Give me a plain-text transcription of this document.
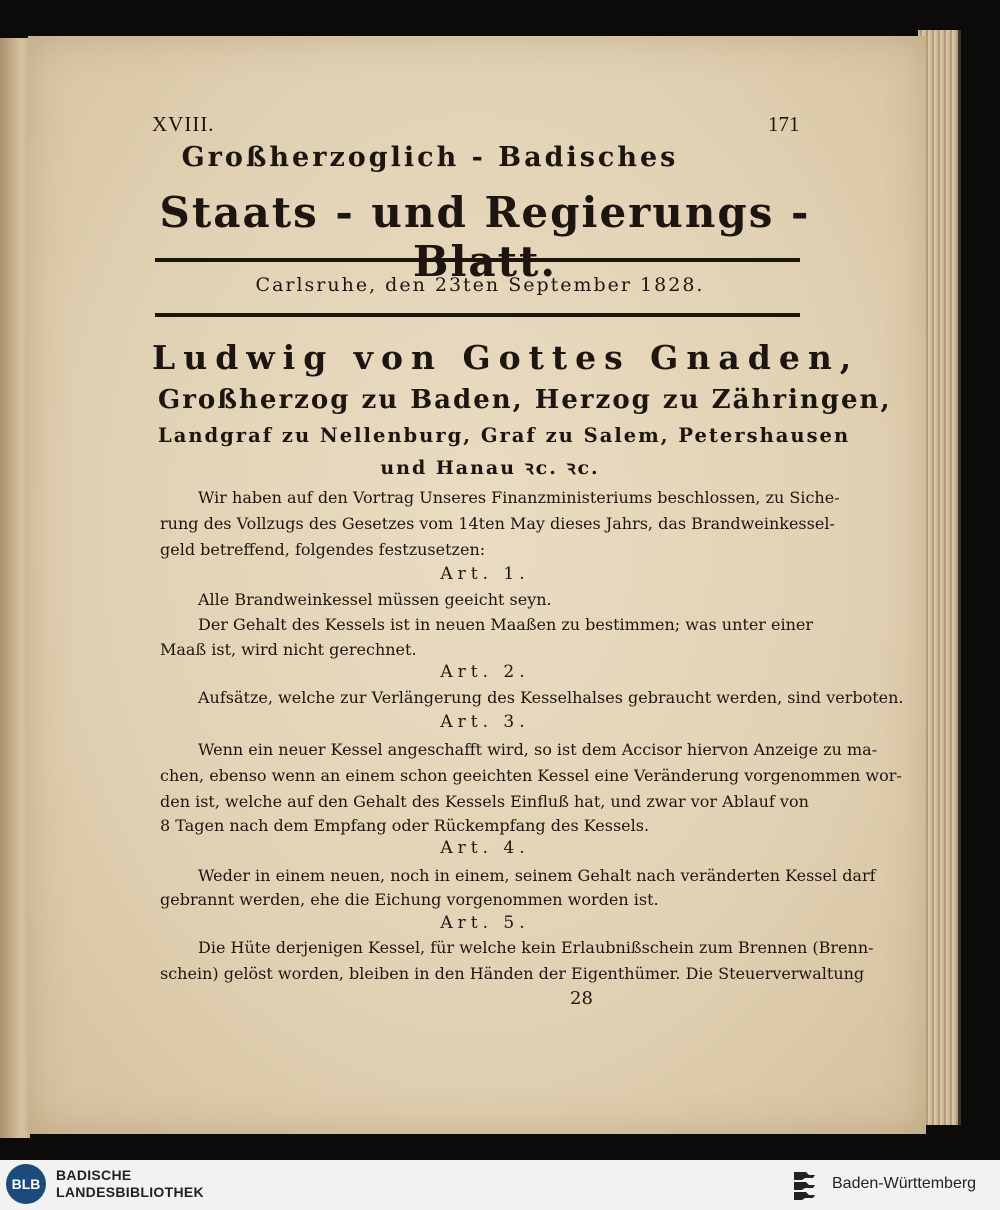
XVIII.	171
Großherzoglich - Badisches
Staats - und Regierungs - Blatt.
Carlsruhe, den 23ten September 1828.
Ludwig von Gottes Gnaden,
Großherzog zu Baden, Herzog zu Zähringen,
Landgraf zu Nellenburg, Graf zu Salem, Petershausen
und Hanau ꝛc. ꝛc.
Wir haben auf den Vortrag Unseres Finanzministeriums beschlossen, zu Siche-
rung des Vollzugs des Gesetzes vom 14ten May dieses Jahrs, das Brandweinkessel-
geld betreffend, folgendes festzusetzen:
Art. 1.
Alle Brandweinkessel müssen geeicht seyn.
Der Gehalt des Kessels ist in neuen Maaßen zu bestimmen; was unter einer
Maaß ist, wird nicht gerechnet.
Art. 2.
Aufsätze, welche zur Verlängerung des Kesselhalses gebraucht werden, sind verboten.
Art. 3.
Wenn ein neuer Kessel angeschafft wird, so ist dem Accisor hiervon Anzeige zu ma-
chen, ebenso wenn an einem schon geeichten Kessel eine Veränderung vorgenommen wor-
den ist, welche auf den Gehalt des Kessels Einfluß hat, und zwar vor Ablauf von
8 Tagen nach dem Empfang oder Rückempfang des Kessels.
Art. 4.
Weder in einem neuen, noch in einem, seinem Gehalt nach veränderten Kessel darf
gebrannt werden, ehe die Eichung vorgenommen worden ist.
Art. 5.
Die Hüte derjenigen Kessel, für welche kein Erlaubnißschein zum Brennen (Brenn-
schein) gelöst worden, bleiben in den Händen der Eigenthümer. Die Steuerverwaltung
28
BLB
BADISCHE
LANDESBIBLIOTHEK	Baden-Württemberg
